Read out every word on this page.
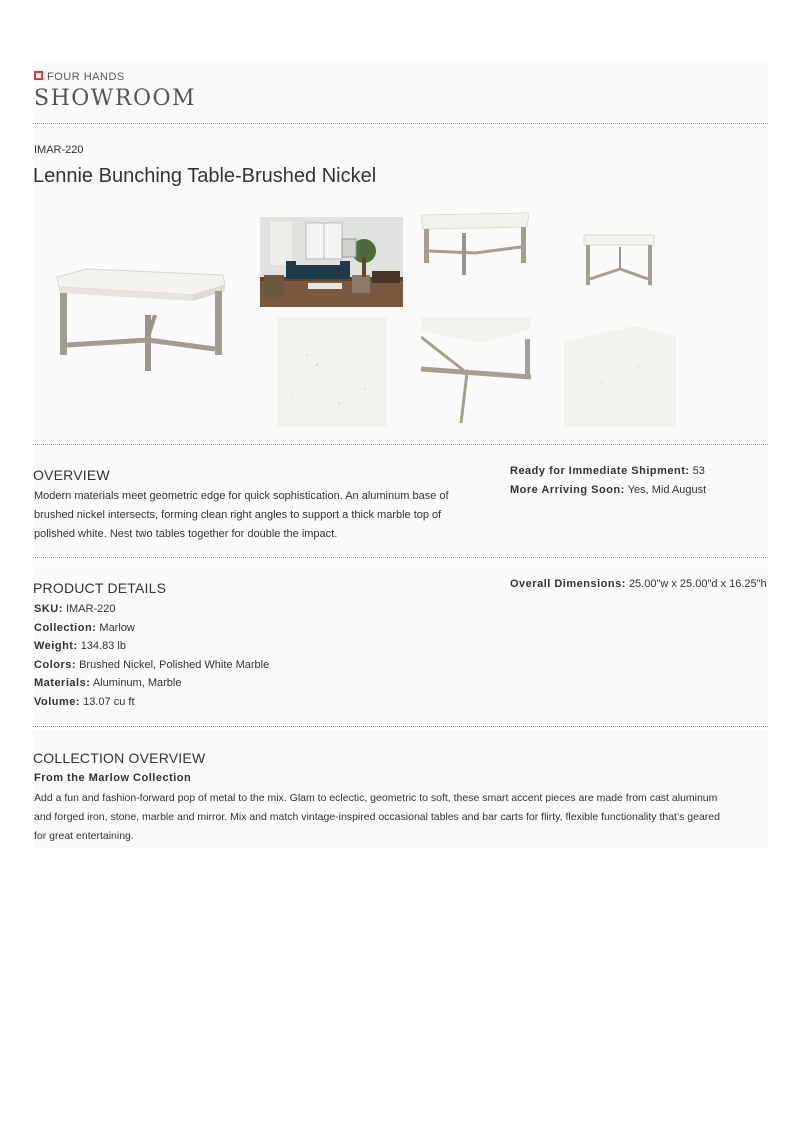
FOUR HANDS
SHOWROOM
IMAR-220
Lennie Bunching Table-Brushed Nickel
OVERVIEW
Modern materials meet geometric edge for quick sophistication. An aluminum base of
brushed nickel intersects, forming clean right angles to support a thick marble top of
polished white. Nest two tables together for double the impact.
Ready for Immediate Shipment: 53
More Arriving Soon: Yes, Mid August
PRODUCT DETAILS
SKU: IMAR-220
Collection: Marlow
Weight: 134.83 lb
Colors: Brushed Nickel, Polished White Marble
Materials: Aluminum, Marble
Volume: 13.07 cu ft
Overall Dimensions: 25.00"w x 25.00"d x 16.25"h
COLLECTION OVERVIEW
From the Marlow Collection
Add a fun and fashion-forward pop of metal to the mix. Glam to eclectic, geometric to soft, these smart accent pieces are made from cast aluminum
and forged iron, stone, marble and mirror. Mix and match vintage-inspired occasional tables and bar carts for flirty, flexible functionality that’s geared
for great entertaining.
